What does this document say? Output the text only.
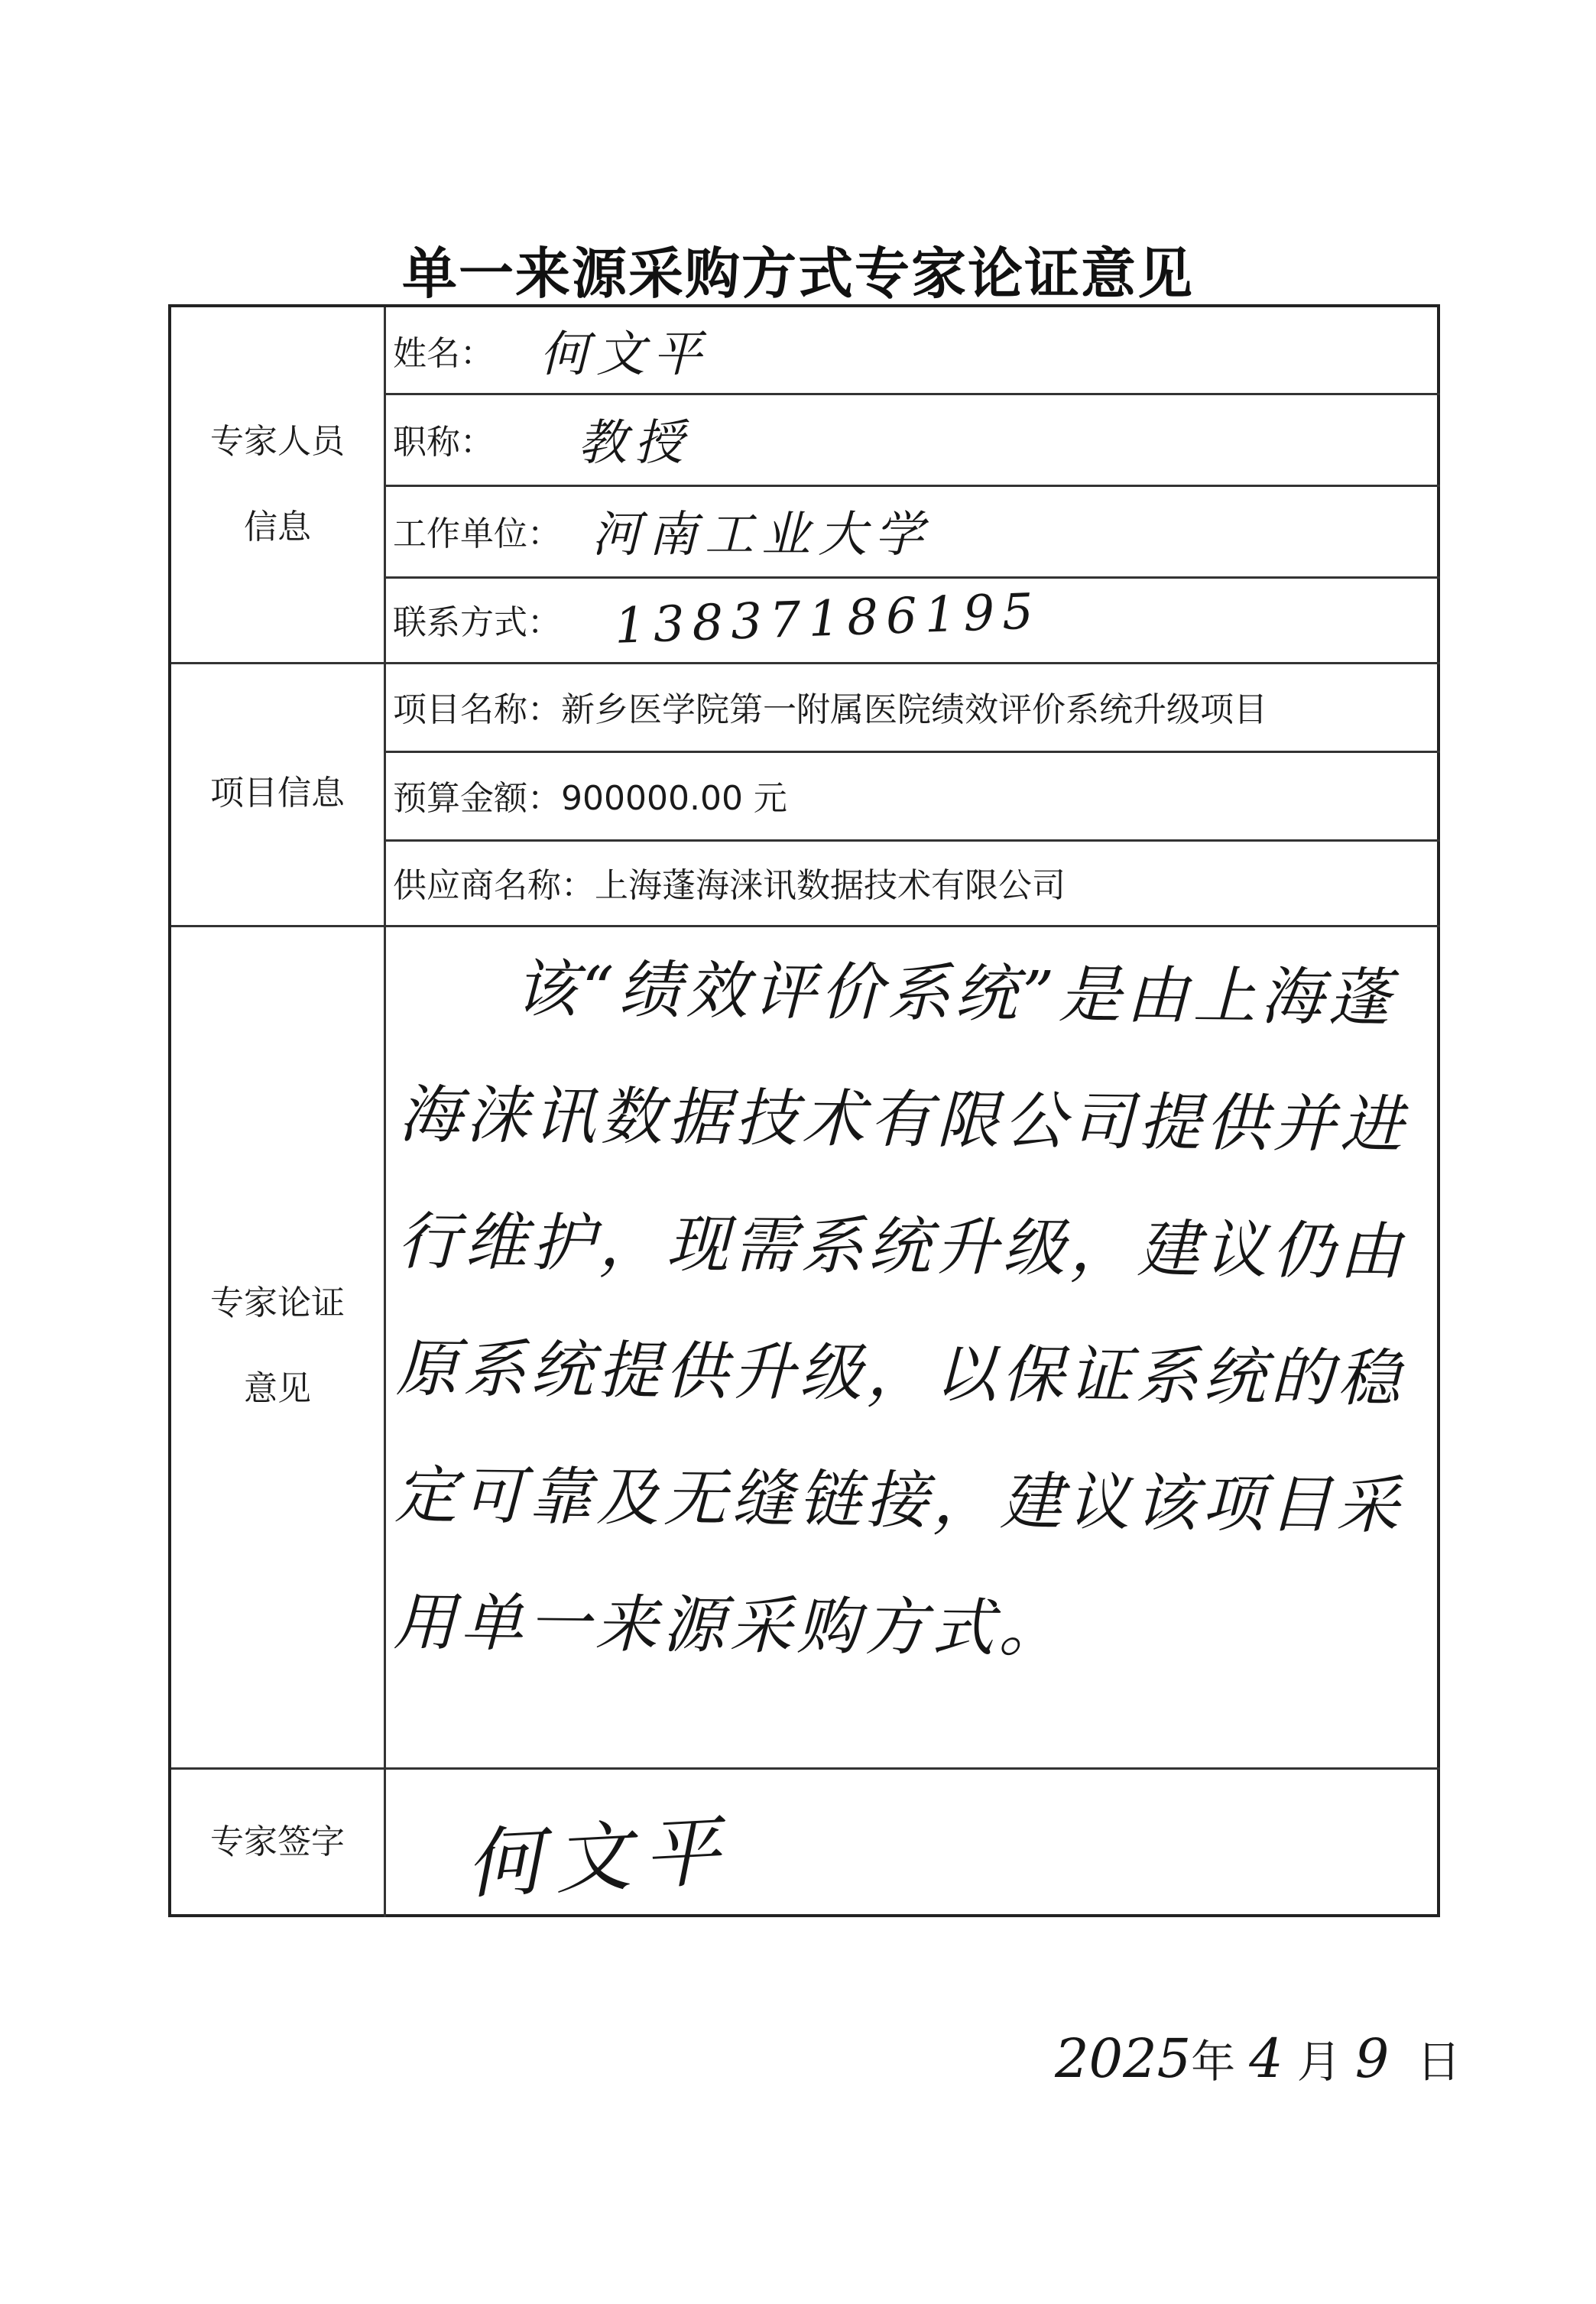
单一来源采购方式专家论证意见
专家人员
信息
项目信息
专家论证
意见
专家签字
姓名： 何文平
职称： 教授
工作单位： 河南工业大学
联系方式： 13837186195
项目名称：新乡医学院第一附属医院绩效评价系统升级项目
预算金额：900000.00 元
供应商名称：上海蓬海涞讯数据技术有限公司
该“绩效评价系统”是由上海蓬海涞讯数据技术有限公司提供并进行维护，现需系统升级，建议仍由原系统提供升级，以保证系统的稳定可靠及无缝链接，建议该项目采用单一来源采购方式。
何文平
2025 年 4 月 9 日
